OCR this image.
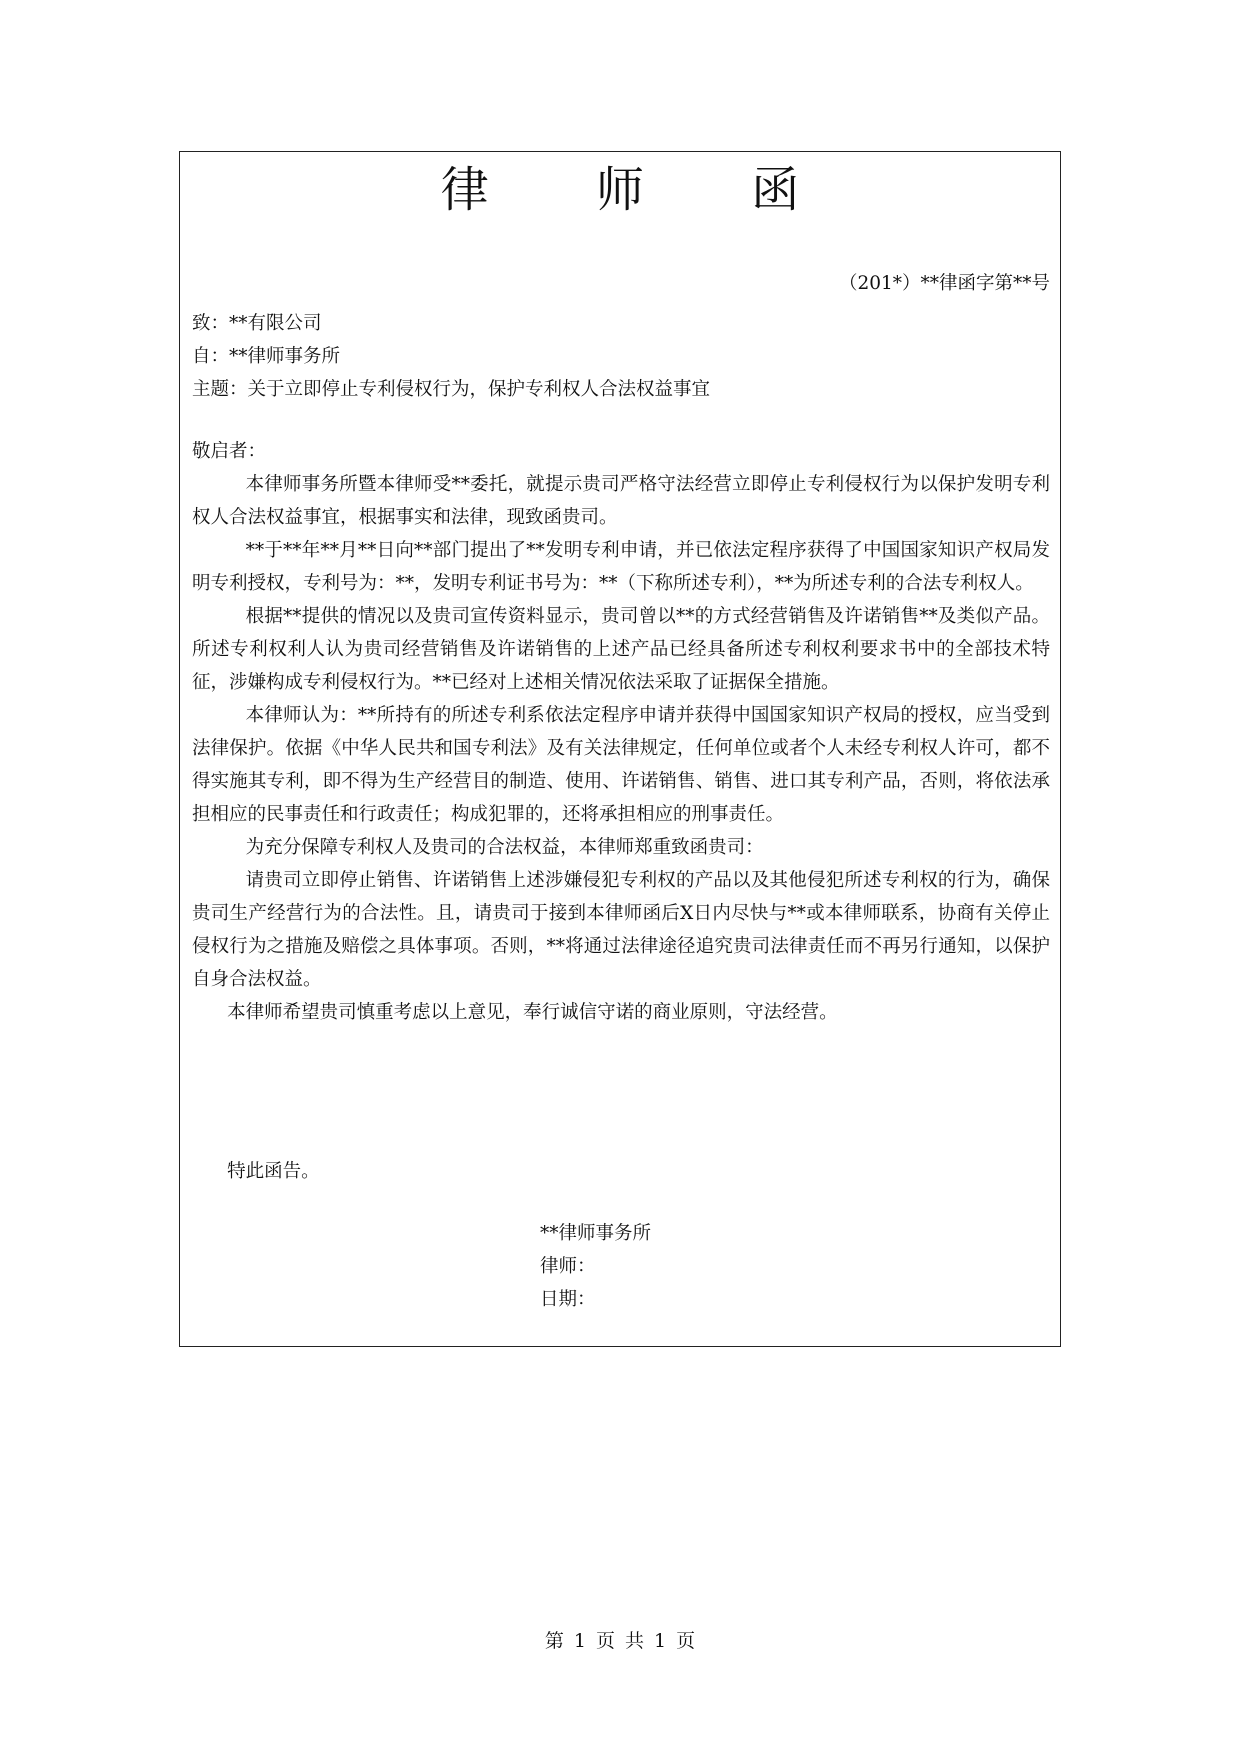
律 师 函
（201*）**律函字第**号
致：**有限公司
自：**律师事务所
主题：关于立即停止专利侵权行为，保护专利权人合法权益事宜

敬启者：

本律师事务所暨本律师受**委托，就提示贵司严格守法经营立即停止专利侵权行为以保护发明专利权人合法权益事宜，根据事实和法律，现致函贵司。

**于**年**月**日向**部门提出了**发明专利申请，并已依法定程序获得了中国国家知识产权局发明专利授权，专利号为：**，发明专利证书号为：**（下称所述专利），**为所述专利的合法专利权人。

根据**提供的情况以及贵司宣传资料显示，贵司曾以**的方式经营销售及许诺销售**及类似产品。所述专利权利人认为贵司经营销售及许诺销售的上述产品已经具备所述专利权利要求书中的全部技术特征，涉嫌构成专利侵权行为。**已经对上述相关情况依法采取了证据保全措施。

本律师认为：**所持有的所述专利系依法定程序申请并获得中国国家知识产权局的授权，应当受到法律保护。依据《中华人民共和国专利法》及有关法律规定，任何单位或者个人未经专利权人许可，都不得实施其专利，即不得为生产经营目的制造、使用、许诺销售、销售、进口其专利产品，否则，将依法承担相应的民事责任和行政责任；构成犯罪的，还将承担相应的刑事责任。

为充分保障专利权人及贵司的合法权益，本律师郑重致函贵司：

请贵司立即停止销售、许诺销售上述涉嫌侵犯专利权的产品以及其他侵犯所述专利权的行为，确保贵司生产经营行为的合法性。且，请贵司于接到本律师函后X日内尽快与**或本律师联系，协商有关停止侵权行为之措施及赔偿之具体事项。否则，**将通过法律途径追究贵司法律责任而不再另行通知，以保护自身合法权益。

本律师希望贵司慎重考虑以上意见，奉行诚信守诺的商业原则，守法经营。

特此函告。
**律师事务所
律师：
日期：
第 1 页 共 1 页
